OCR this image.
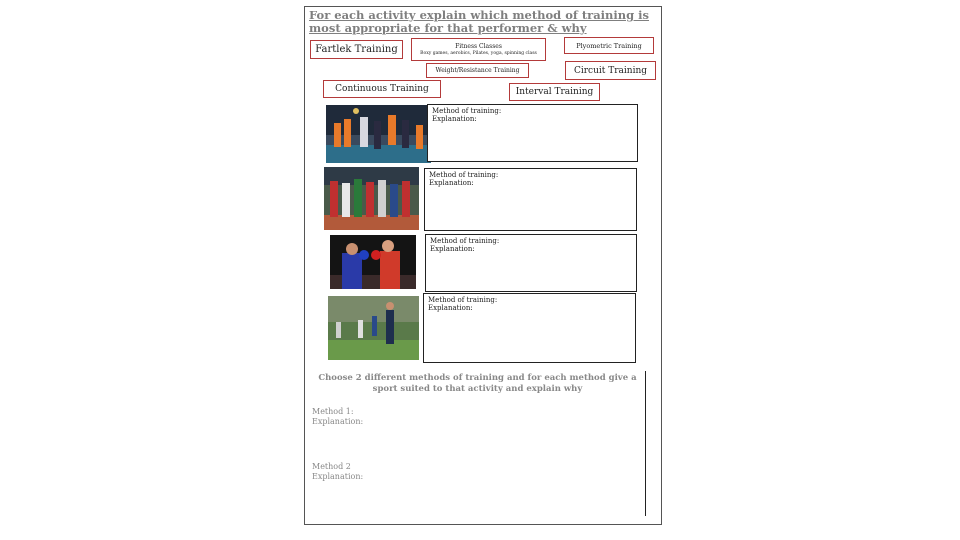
For each activity explain which method of training is most appropriate for that performer & why
Fartlek Training	Fitness Classes
Boxy games, aerobics, Pilates, yoga, spinning class
Plyometric Training
Weight/Resistance Training	Circuit Training
Continuous Training	Interval Training
Method of training:
Explanation:
Method of training:
Explanation:
Method of training:
Explanation:
Method of training:
Explanation:
Choose 2 different methods of training and for each method give a sport suited to that activity and explain why
Method 1:
Explanation:
Method 2
Explanation:
